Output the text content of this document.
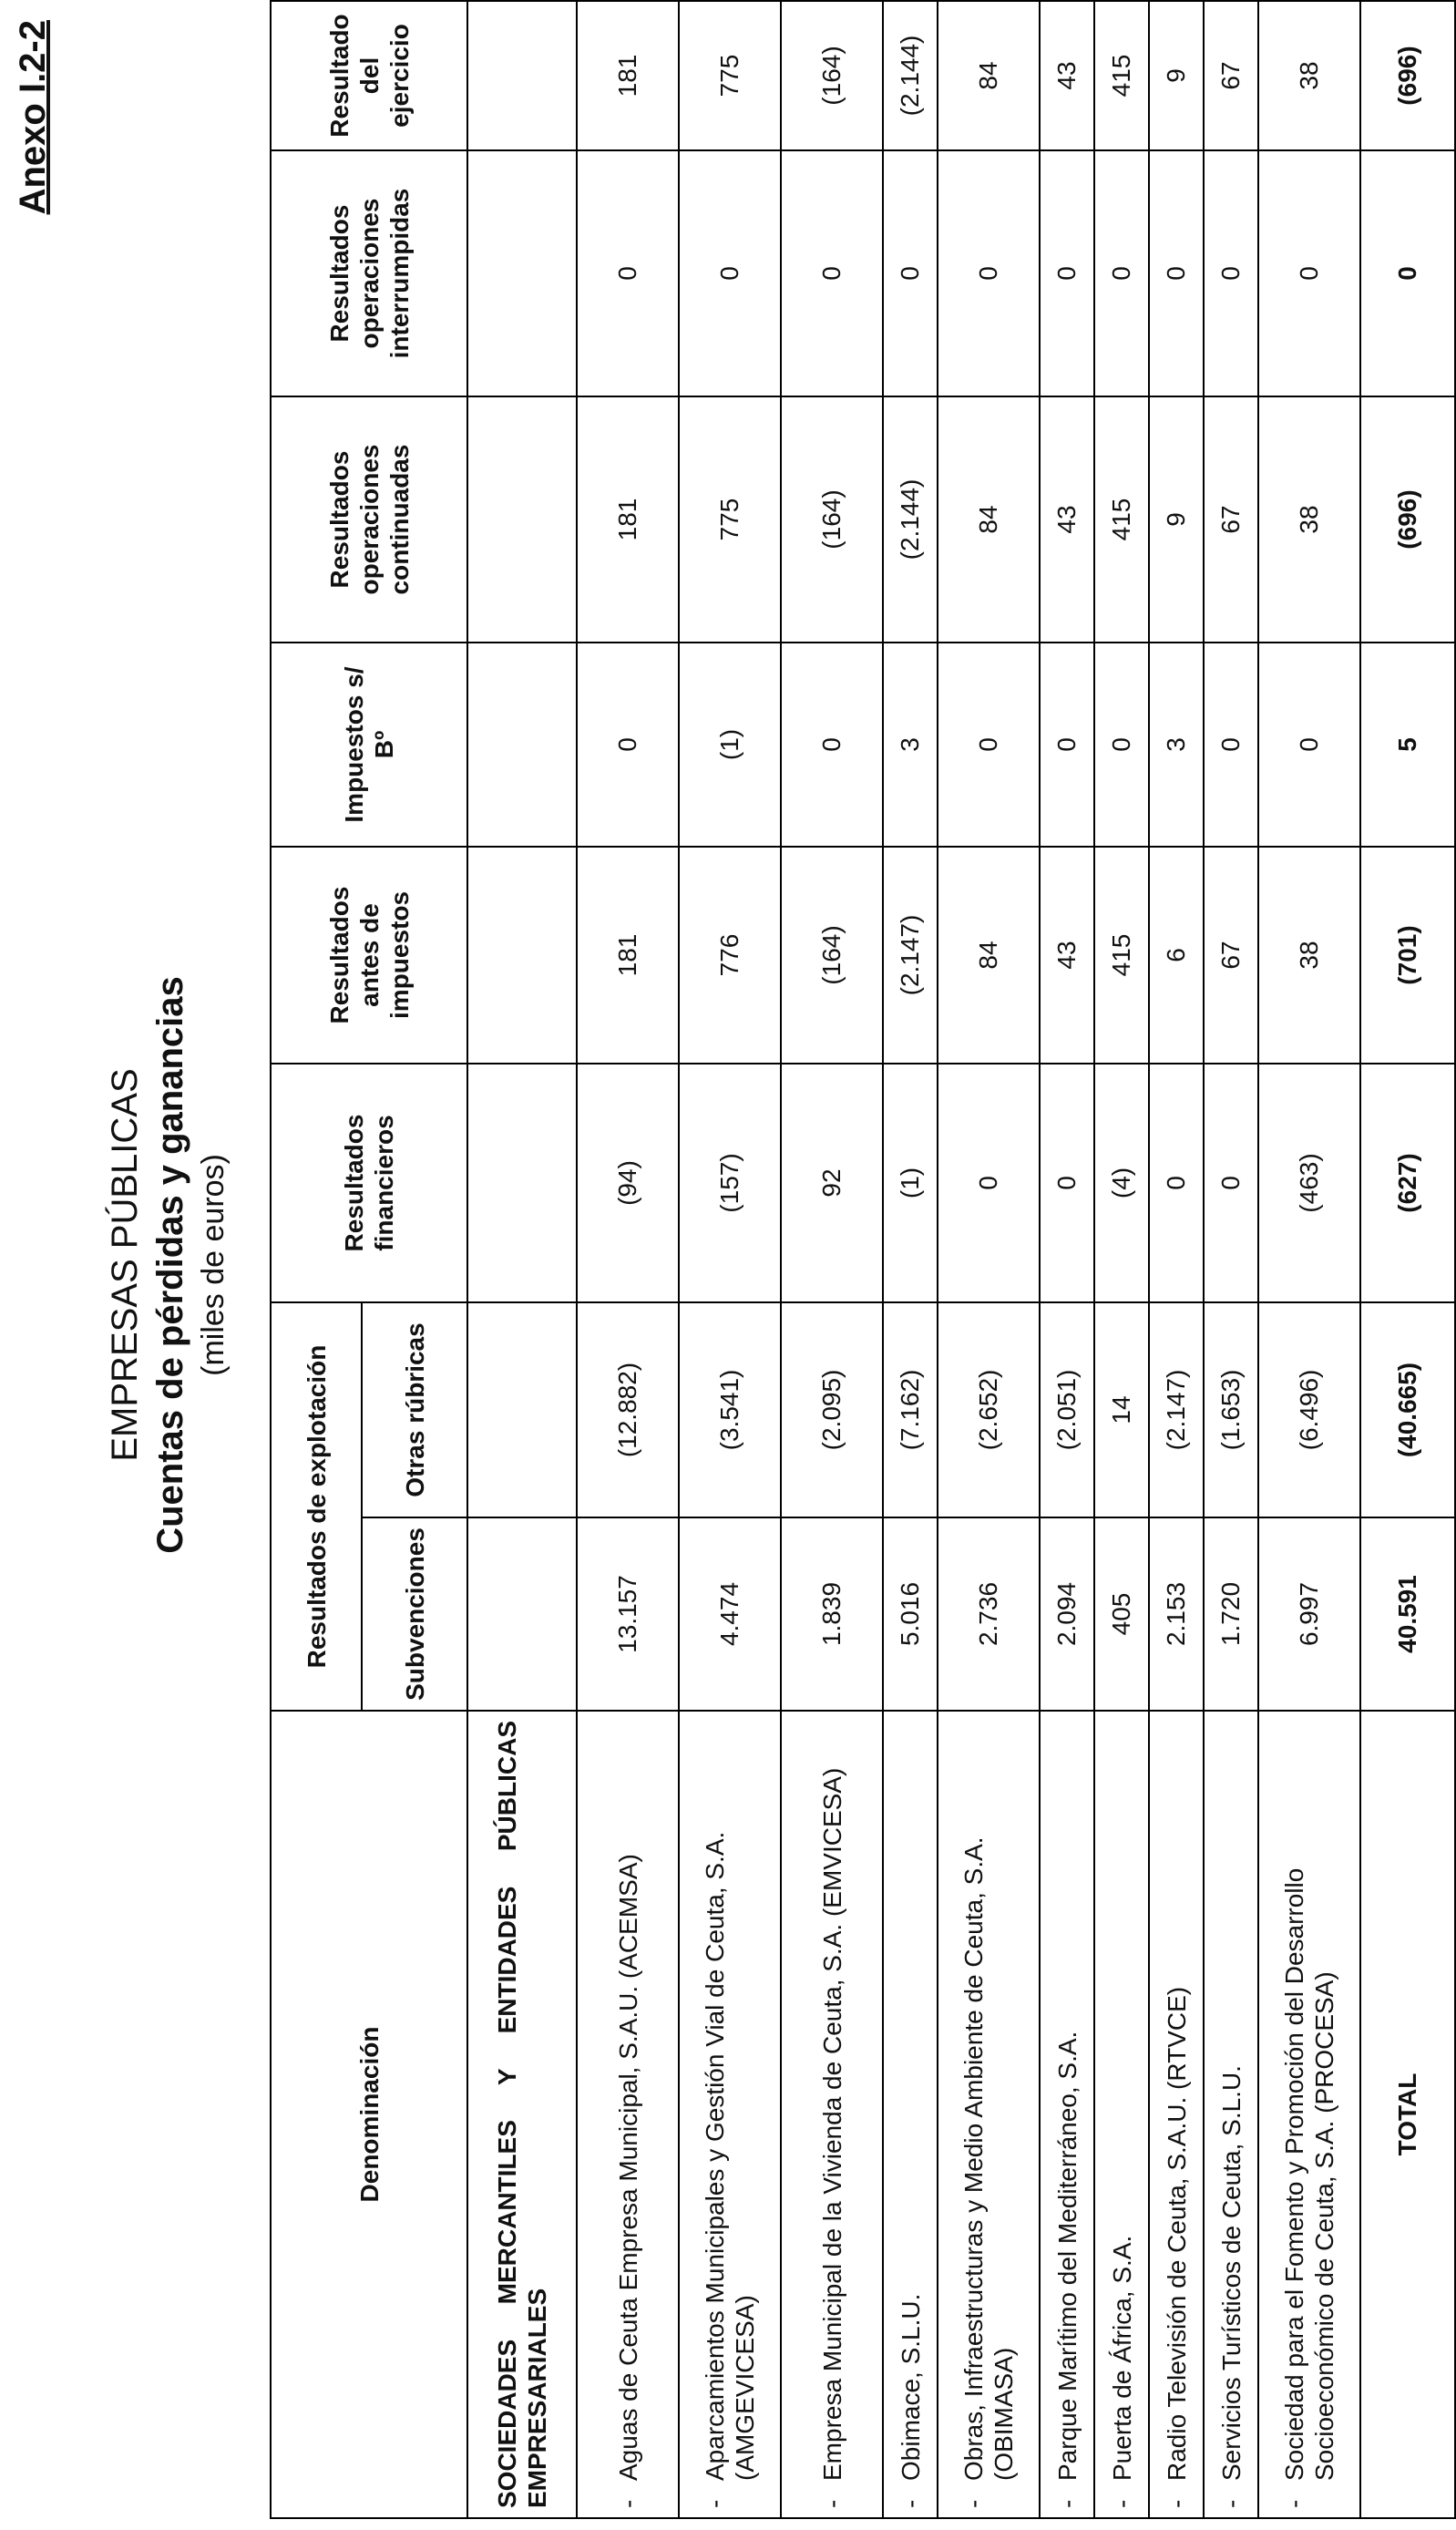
Anexo I.2-2
EMPRESAS PÚBLICAS Cuentas de pérdidas y ganancias (miles de euros)
Denominación	Resultados de explotación		Resultados financieros	Resultados antes de impuestos	Impuestos s/ Bº	Resultados operaciones continuadas	Resultados operaciones interrumpidas	Resultado del ejercicio
	Subvenciones	Otras rúbricas						

SOCIEDADES MERCANTILES Y ENTIDADES PÚBLICAS EMPRESARIALES								

-
Aguas de Ceuta Empresa Municipal, S.A.U. (ACEMSA)	13.157	(12.882)	(94)	181	0	181	0	181

-
Aparcamientos Municipales y Gestión Vial de Ceuta, S.A. (AMGEVICESA)	4.474	(3.541)	(157)	776	(1)	775	0	775

-
Empresa Municipal de la Vivienda de Ceuta, S.A. (EMVICESA)	1.839	(2.095)	92	(164)	0	(164)	0	(164)

-
Obimace, S.L.U.	5.016	(7.162)	(1)	(2.147)	3	(2.144)	0	(2.144)

-
Obras, Infraestructuras y Medio Ambiente de Ceuta, S.A. (OBIMASA)	2.736	(2.652)	0	84	0	84	0	84

-
Parque Marítimo del Mediterráneo, S.A.	2.094	(2.051)	0	43	0	43	0	43

-
Puerta de África, S.A.	405	14	(4)	415	0	415	0	415

-
Radio Televisión de Ceuta, S.A.U. (RTVCE)	2.153	(2.147)	0	6	3	9	0	9

-
Servicios Turísticos de Ceuta, S.L.U.	1.720	(1.653)	0	67	0	67	0	67

-
Sociedad para el Fomento y Promoción del Desarrollo Socioeconómico de Ceuta, S.A. (PROCESA)	6.997	(6.496)	(463)	38	0	38	0	38
TOTAL	40.591	(40.665)	(627)	(701)	5	(696)	0	(696)
